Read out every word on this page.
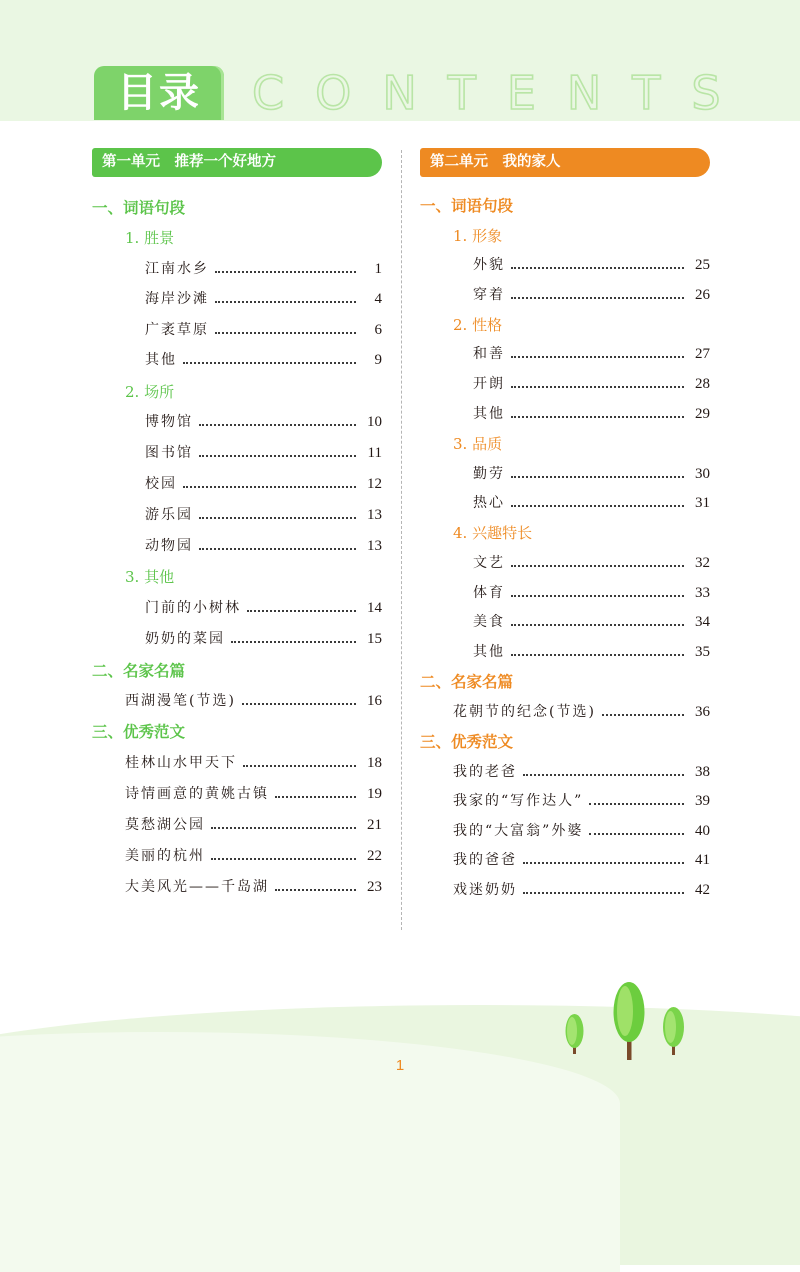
目录	CONTENTS
第一单元　推荐一个好地方
一、词语句段
1. 胜景
江南水乡	1
海岸沙滩	4
广袤草原	6
其他	9
2. 场所
博物馆	10
图书馆	11
校园	12
游乐园	13
动物园	13
3. 其他
门前的小树林	14
奶奶的菜园	15
二、名家名篇
西湖漫笔(节选)	16
三、优秀范文
桂林山水甲天下	18
诗情画意的黄姚古镇	19
莫愁湖公园	21
美丽的杭州	22
大美风光——千岛湖	23
第二单元　我的家人
一、词语句段
1. 形象
外貌	25
穿着	26
2. 性格
和善	27
开朗	28
其他	29
3. 品质
勤劳	30
热心	31
4. 兴趣特长
文艺	32
体育	33
美食	34
其他	35
二、名家名篇
花朝节的纪念(节选)	36
三、优秀范文
我的老爸	38
我家的“写作达人”	39
我的“大富翁”外婆	40
我的爸爸	41
戏迷奶奶	42
1
